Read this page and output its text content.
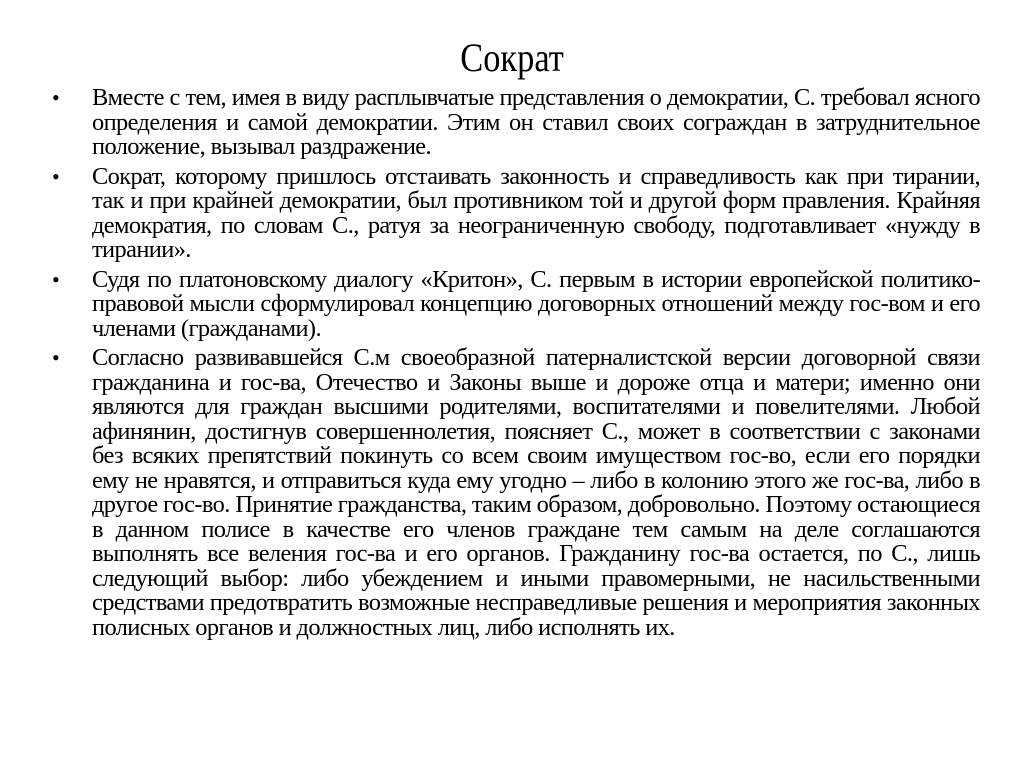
Сократ
• Вместе с тем, имея в виду расплывчатые представления о демократии, С. требовал ясного определения и самой демократии. Этим он ставил своих сограждан в затруднительное положение, вызывал раздражение.
• Сократ, которому пришлось отстаивать законность и справедливость как при тирании, так и при крайней демократии, был противником той и другой форм правления. Крайняя демократия, по словам С., ратуя за неограниченную свободу, подготавливает «нужду в тирании».
• Судя по платоновскому диалогу «Критон», С. первым в истории европейской политико-правовой мысли сформулировал концепцию договорных отношений между гос-вом и его членами (гражданами).
• Согласно развивавшейся С.м своеобразной патерналистской версии договорной связи гражданина и гос-ва, Отечество и Законы выше и дороже отца и матери; именно они являются для граждан высшими родителями, воспитателями и повелителями. Любой афинянин, достигнув совершеннолетия, поясняет С., может в соответствии с законами без всяких препятствий покинуть со всем своим имуществом гос-во, если его порядки ему не нравятся, и отправиться куда ему угодно – либо в колонию этого же гос-ва, либо в другое гос-во. Принятие гражданства, таким образом, добровольно. Поэтому остающиеся в данном полисе в качестве его членов граждане тем самым на деле соглашаются выполнять все веления гос-ва и его органов. Гражданину гос-ва остается, по С., лишь следующий выбор: либо убеждением и иными правомерными, не насильственными средствами предотвратить возможные несправедливые решения и мероприятия законных полисных органов и должностных лиц, либо исполнять их.
